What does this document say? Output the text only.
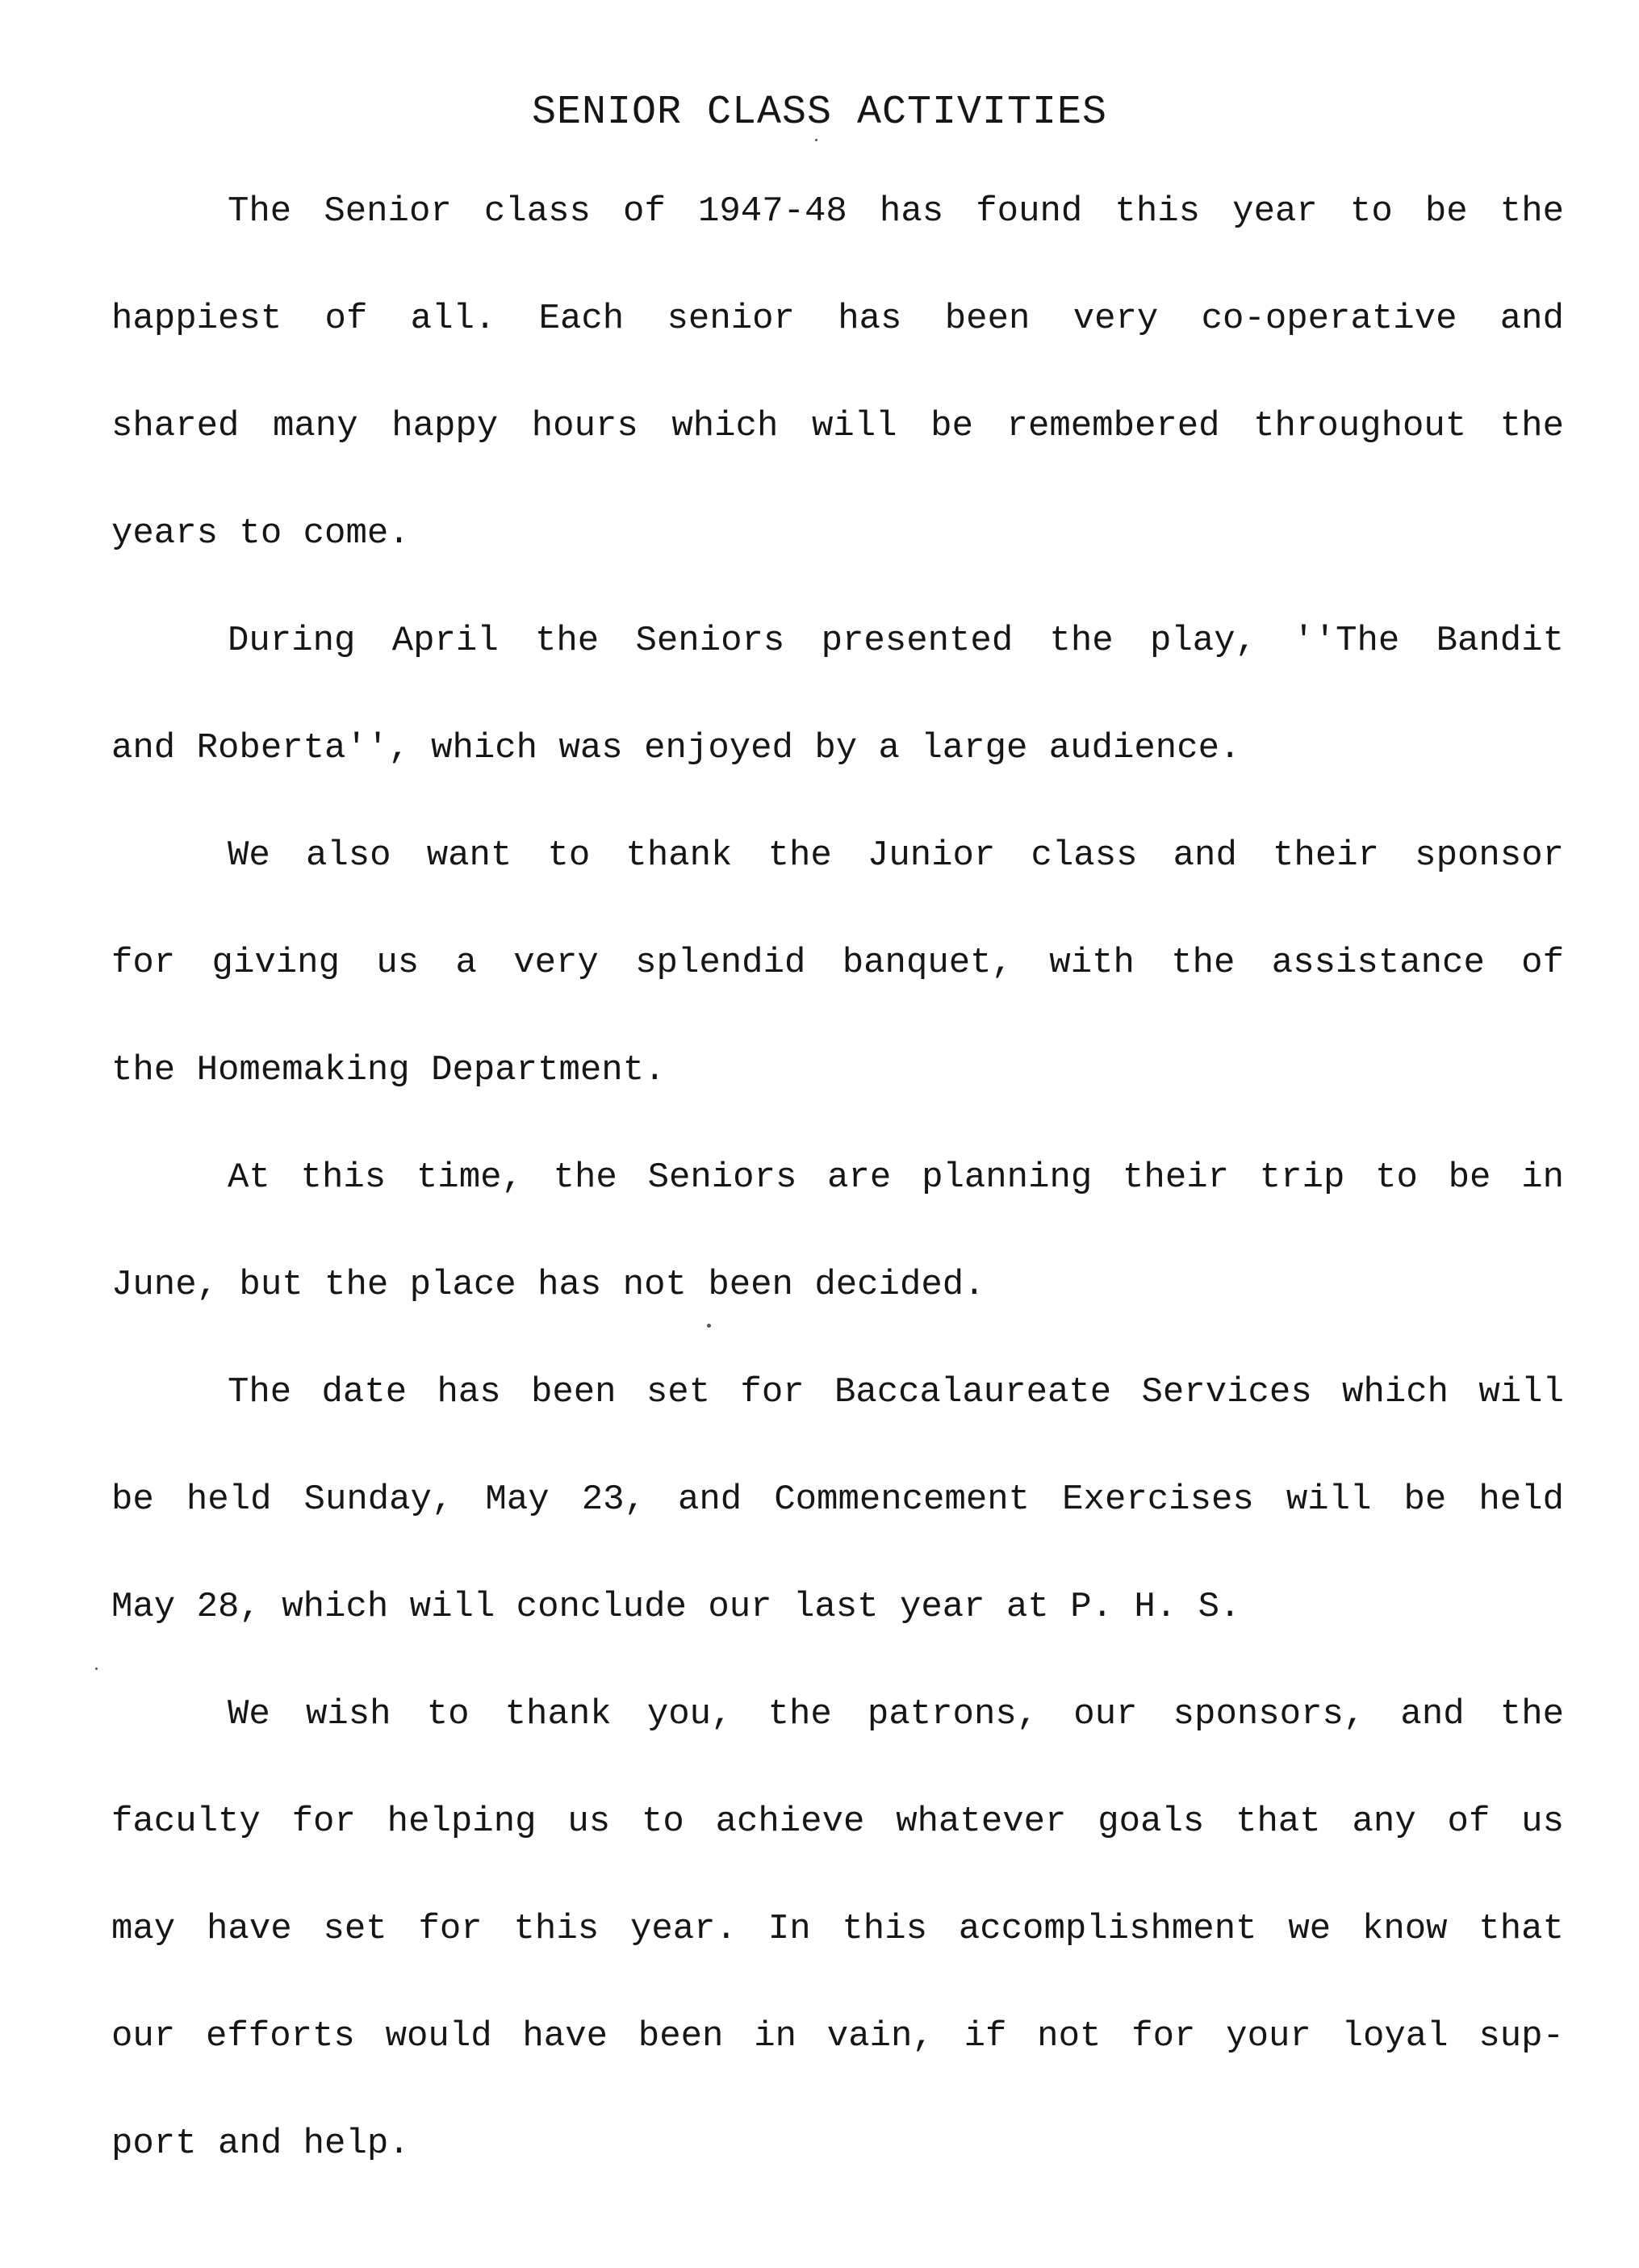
SENIOR CLASS ACTIVITIES
The Senior class of 1947-48 has found this year to be the
happiest of all. Each senior has been very co-operative and
shared many happy hours which will be remembered throughout the
years to come.
During April the Seniors presented the play, ''The Bandit
and Roberta'', which was enjoyed by a large audience.
We also want to thank the Junior class and their sponsor
for giving us a very splendid banquet, with the assistance of
the Homemaking Department.
At this time, the Seniors are planning their trip to be in
June, but the place has not been decided.
The date has been set for Baccalaureate Services which will
be held Sunday, May 23, and Commencement Exercises will be held
May 28, which will conclude our last year at P. H. S.
We wish to thank you, the patrons, our sponsors, and the
faculty for helping us to achieve whatever goals that any of us
may have set for this year. In this accomplishment we know that
our efforts would have been in vain, if not for your loyal sup-
port and help.
